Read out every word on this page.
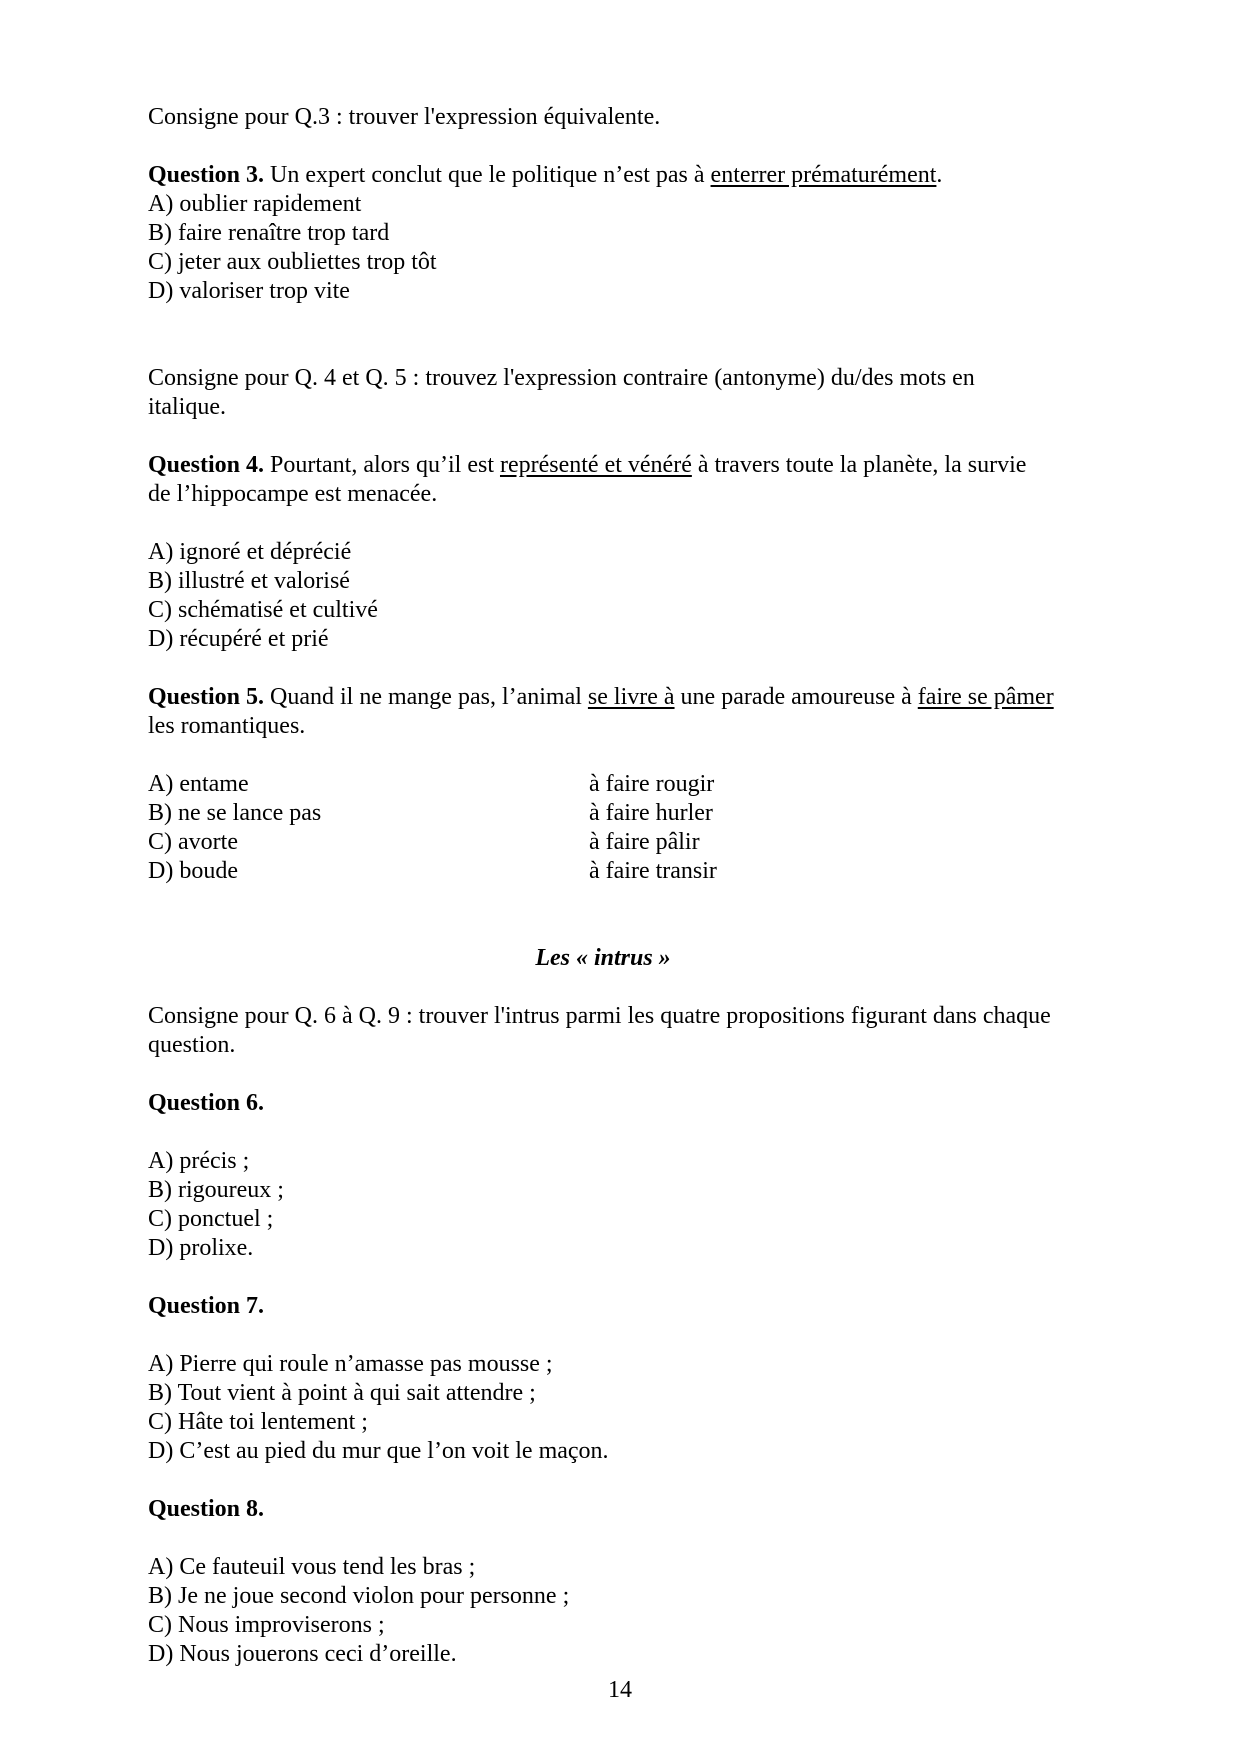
Consigne pour Q.3 : trouver l'expression équivalente.

Question 3. Un expert conclut que le politique n’est pas à enterrer prématurément.

A) oublier rapidement

B) faire renaître trop tard

C) jeter aux oubliettes trop tôt

D) valoriser trop vite

Consigne pour Q. 4 et Q. 5 : trouvez l'expression contraire (antonyme) du/des mots en

italique.

Question 4. Pourtant, alors qu’il est représenté et vénéré à travers toute la planète, la survie

de l’hippocampe est menacée.

A) ignoré et déprécié

B) illustré et valorisé

C) schématisé et cultivé

D) récupéré et prié

Question 5. Quand il ne mange pas, l’animal se livre à une parade amoureuse à faire se pâmer

les romantiques.

A) entame

B) ne se lance pas

C) avorte

D) boude

à faire rougir

à faire hurler

à faire pâlir

à faire transir

Les « intrus »

Consigne pour Q. 6 à Q. 9 : trouver l'intrus parmi les quatre propositions figurant dans chaque

question.

Question 6.

A) précis ;

B) rigoureux ;

C) ponctuel ;

D) prolixe.

Question 7.

A) Pierre qui roule n’amasse pas mousse ;

B) Tout vient à point à qui sait attendre ;

C) Hâte toi lentement ;

D) C’est au pied du mur que l’on voit le maçon.

Question 8.

A) Ce fauteuil vous tend les bras ;

B) Je ne joue second violon pour personne ;

C) Nous improviserons ;

D) Nous jouerons ceci d’oreille.

14
